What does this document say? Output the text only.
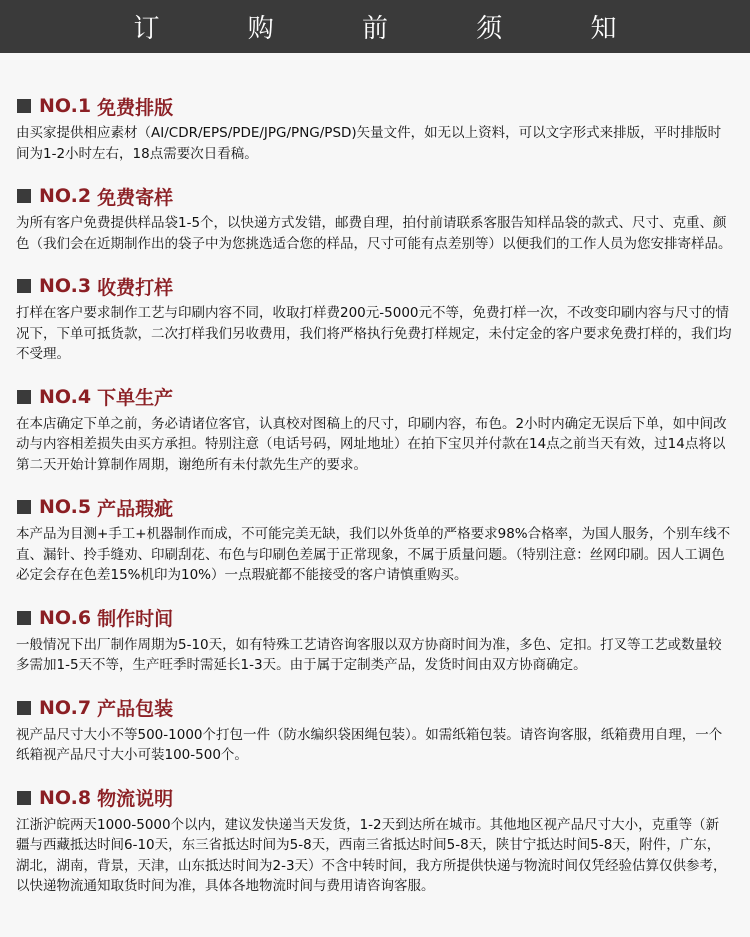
订 购 前 须 知
NO.1 免费排版

由买家提供相应素材（AI/CDR/EPS/PDE/JPG/PNG/PSD)矢量文件，如无以上资料，可以文字形式来排版，平时排版时间为1-2小时左右，18点需要次日看稿。

NO.2 免费寄样

为所有客户免费提供样品袋1-5个，以快递方式发错，邮费自理，拍付前请联系客服告知样品袋的款式、尺寸、克重、颜色（我们会在近期制作出的袋子中为您挑选适合您的样品，尺寸可能有点差别等）以便我们的工作人员为您安排寄样品。

NO.3 收费打样

打样在客户要求制作工艺与印刷内容不同，收取打样费200元-5000元不等，免费打样一次，不改变印刷内容与尺寸的情况下，下单可抵货款，二次打样我们另收费用，我们将严格执行免费打样规定，未付定金的客户要求免费打样的，我们均不受理。

NO.4 下单生产

在本店确定下单之前，务必请诸位客官，认真校对图稿上的尺寸，印刷内容，布色。2小时内确定无误后下单，如中间改动与内容相差损失由买方承担。特别注意（电话号码，网址地址）在拍下宝贝并付款在14点之前当天有效，过14点将以第二天开始计算制作周期，谢绝所有未付款先生产的要求。

NO.5 产品瑕疵

本产品为目测+手工+机器制作而成，不可能完美无缺，我们以外货单的严格要求98%合格率，为国人服务，个别车线不直、漏针、拎手缝劝、印刷刮花、布色与印刷色差属于正常现象，不属于质量问题。（特别注意：丝网印刷。因人工调色必定会存在色差15%机印为10%）一点瑕疵都不能接受的客户请慎重购买。

NO.6 制作时间

一般情况下出厂制作周期为5-10天，如有特殊工艺请咨询客服以双方协商时间为准，多色、定扣。打叉等工艺或数量较多需加1-5天不等，生产旺季时需延长1-3天。由于属于定制类产品，发货时间由双方协商确定。

NO.7 产品包装

视产品尺寸大小不等500-1000个打包一件（防水编织袋困绳包装）。如需纸箱包装。请咨询客服，纸箱费用自理，一个纸箱视产品尺寸大小可装100-500个。

NO.8 物流说明

江浙沪皖两天1000-5000个以内，建议发快递当天发货，1-2天到达所在城市。其他地区视产品尺寸大小，克重等（新疆与西藏抵达时间6-10天，东三省抵达时间为5-8天，西南三省抵达时间5-8天，陕甘宁抵达时间5-8天，附件，广东，湖北，湖南，背景，天津，山东抵达时间为2-3天）不含中转时间，我方所提供快递与物流时间仅凭经验估算仅供参考，以快递物流通知取货时间为准，具体各地物流时间与费用请咨询客服。
